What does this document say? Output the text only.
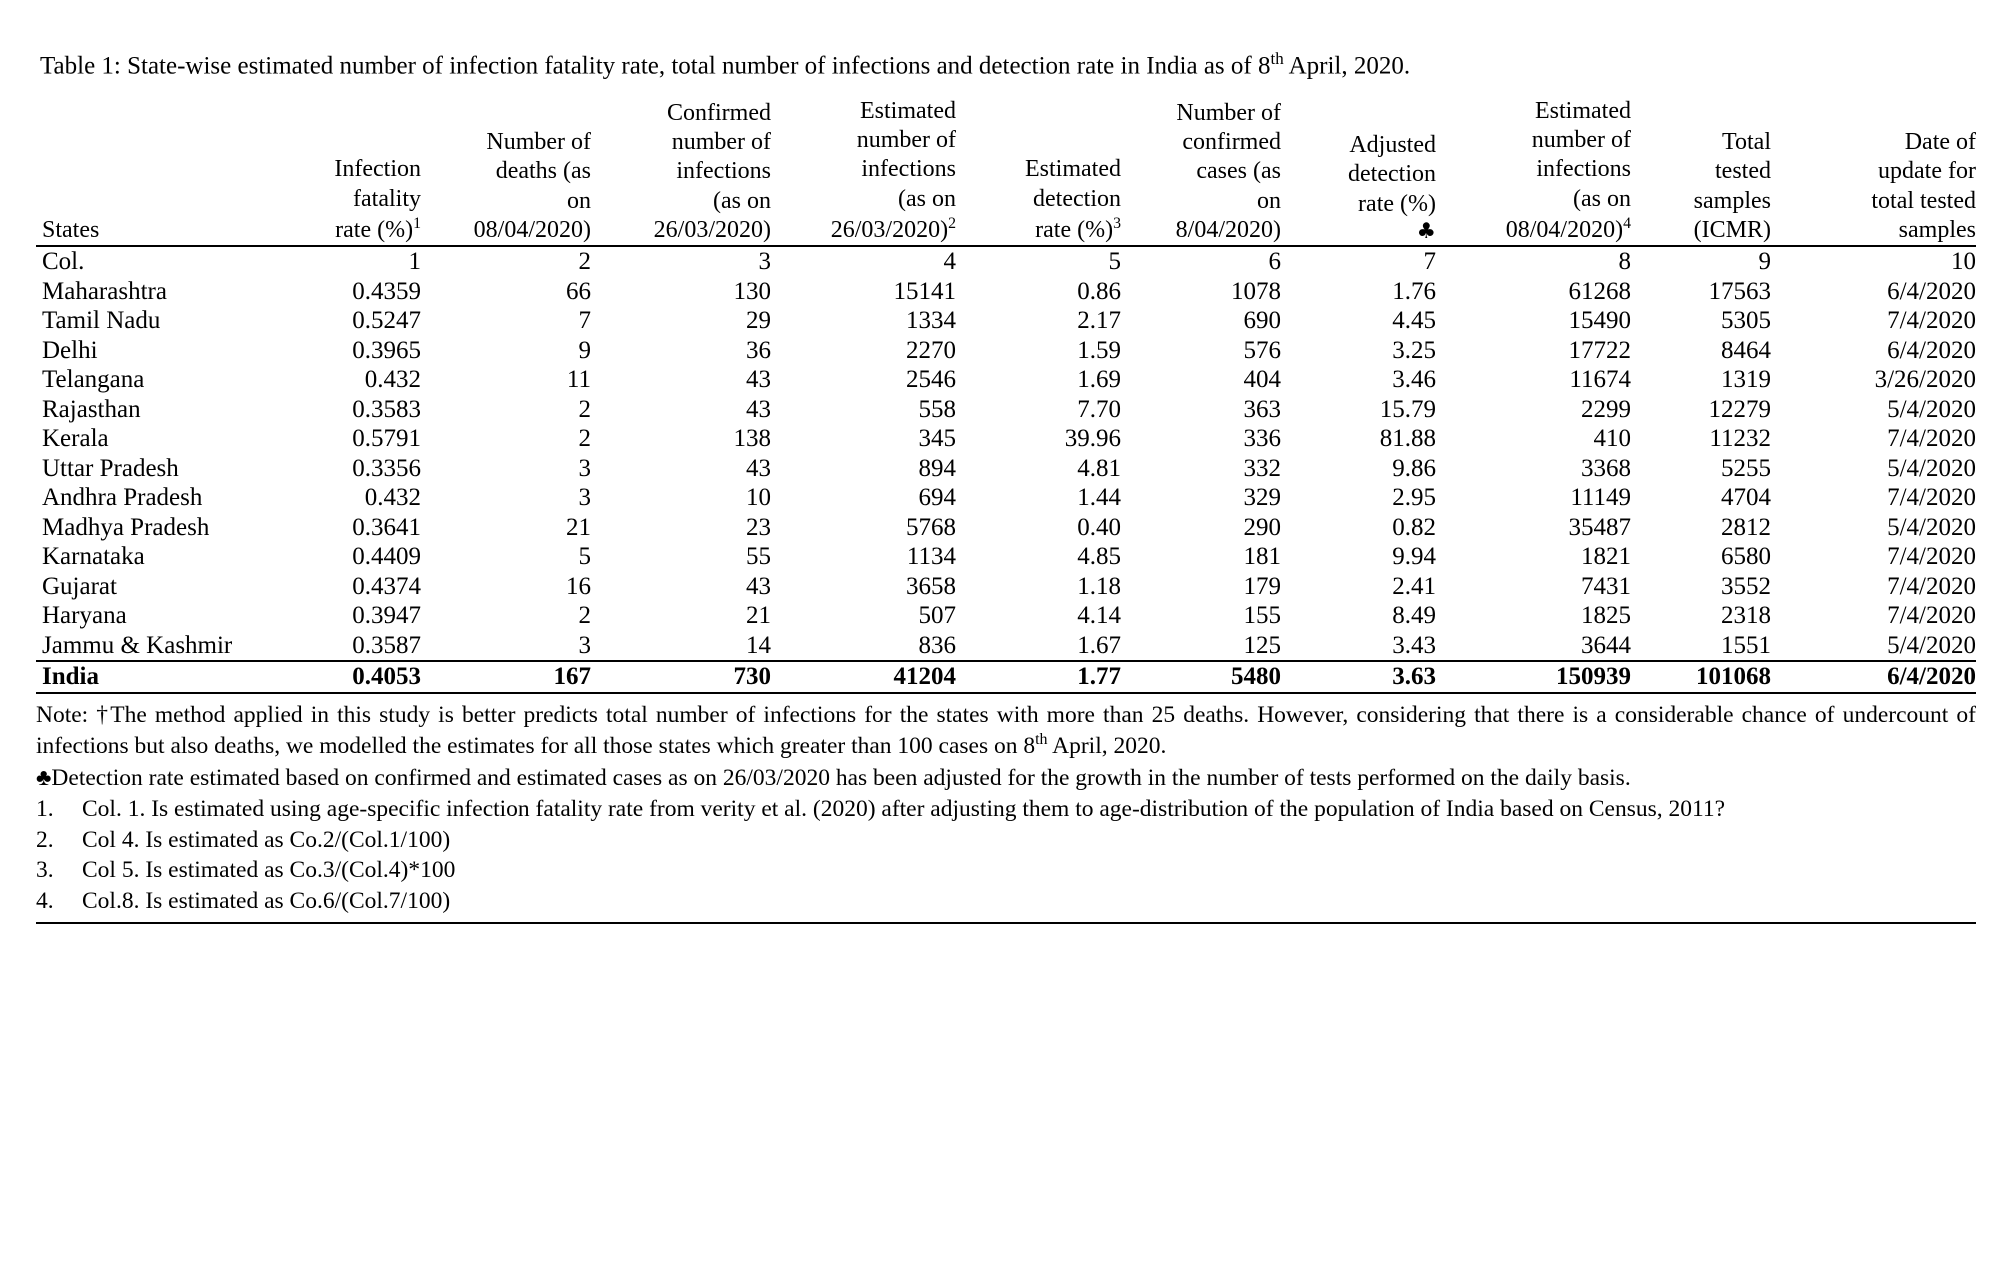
Table 1: State-wise estimated number of infection fatality rate, total number of infections and detection rate in India as of 8th April, 2020.
States

Infection
fatality
rate (%)$^1$

Number of
deaths (as
on
08/04/2020)

Confirmed
number of
infections
(as on
26/03/2020)

Estimated
number of
infections
(as on
26/03/2020)$^2$

Estimated
detection
rate (%)$^3$

Number of
confirmed
cases (as
on
8/04/2020)

Adjusted
detection
rate (%)
♣

Estimated
number of
infections
(as on
08/04/2020)$^4$

Total
tested
samples
(ICMR)

Date of
update for
total tested
samples

Col.	1	2	3	4	5	6	7	8	9	10
Maharashtra	0.4359	66	130	15141	0.86	1078	1.76	61268	17563	6/4/2020
Tamil Nadu	0.5247	7	29	1334	2.17	690	4.45	15490	5305	7/4/2020
Delhi	0.3965	9	36	2270	1.59	576	3.25	17722	8464	6/4/2020
Telangana	0.432	11	43	2546	1.69	404	3.46	11674	1319	3/26/2020
Rajasthan	0.3583	2	43	558	7.70	363	15.79	2299	12279	5/4/2020
Kerala	0.5791	2	138	345	39.96	336	81.88	410	11232	7/4/2020
Uttar Pradesh	0.3356	3	43	894	4.81	332	9.86	3368	5255	5/4/2020
Andhra Pradesh	0.432	3	10	694	1.44	329	2.95	11149	4704	7/4/2020
Madhya Pradesh	0.3641	21	23	5768	0.40	290	0.82	35487	2812	5/4/2020
Karnataka	0.4409	5	55	1134	4.85	181	9.94	1821	6580	7/4/2020
Gujarat	0.4374	16	43	3658	1.18	179	2.41	7431	3552	7/4/2020
Haryana	0.3947	2	21	507	4.14	155	8.49	1825	2318	7/4/2020
Jammu & Kashmir	0.3587	3	14	836	1.67	125	3.43	3644	1551	5/4/2020
India	0.4053	167	730	41204	1.77	5480	3.63	150939	101068	6/4/2020

Note: †The method applied in this study is better predicts total number of infections for the states with more than 25 deaths. However, considering that there is a considerable chance of undercount of infections but also deaths, we modelled the estimates for all those states which greater than 100 cases on 8th April, 2020.

♣Detection rate estimated based on confirmed and estimated cases as on 26/03/2020 has been adjusted for the growth in the number of tests performed on the daily basis.

1.	Col. 1. Is estimated using age-specific infection fatality rate from verity et al. (2020) after adjusting them to age-distribution of the population of India based on Census, 2011?
2.	Col 4. Is estimated as Co.2/(Col.1/100)
3.	Col 5. Is estimated as Co.3/(Col.4)*100
4.	Col.8. Is estimated as Co.6/(Col.7/100)
